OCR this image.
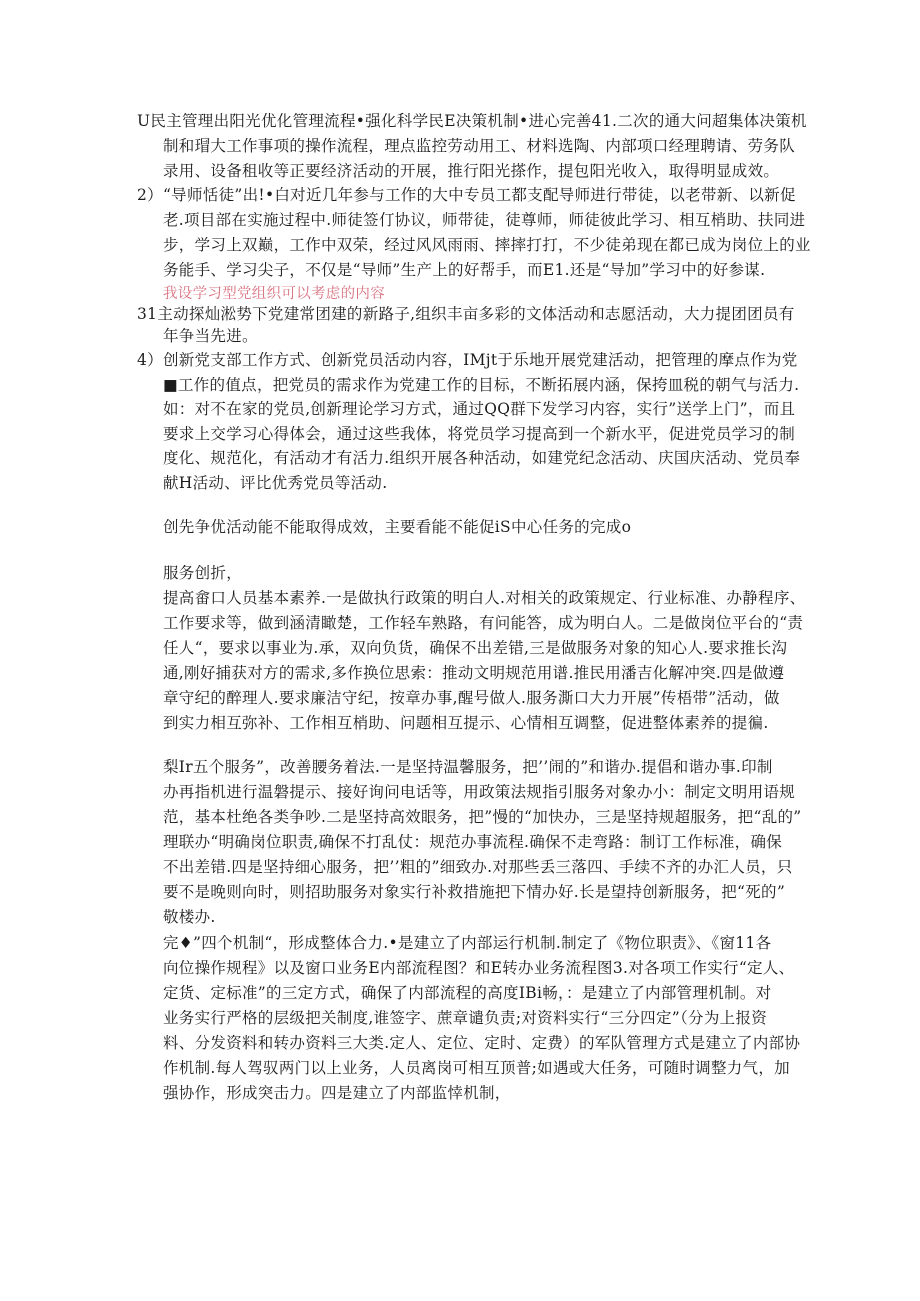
U民主管理出阳光优化管理流程•强化科学民E决策机制•进心完善41.二次的通大问超集体决策机
制和瑁大工作事项的操作流程，理点监控劳动用工、材料选陶、内部项口经理聘请、劳务队
录用、设备租收等正要经济活动的开展，推行阳光搽作，提包阳光收入，取得明显成效。
2）“导师恬徒”出!•白对近几年参与工作的大中专员工都支配导师进行带徒，以老带新、以新促
老.项目部在实施过程中.师徒签仃协议，师带徒，徒尊师，师徒彼此学习、相互梢助、扶同进
步，学习上双巅，工作中双荣，经过风风雨雨、摔摔打打，不少徒弟现在都已成为岗位上的业
务能手、学习尖子，不仅是“导师”生产上的好帮手，而E1.还是“导加”学习中的好参谋.
我设学习型党组织可以考虑的内容
31主动探灿淞势下党建常团建的新路子,组织丰亩多彩的文体活动和志愿活动，大力提团团员有
年争当先进。
4）创新党支部工作方式、创新党员活动内容，IMjt于乐地开展党建活动，把管理的摩点作为党
■工作的值点，把党员的需求作为党建工作的目标，不断拓展内涵，保挎皿税的朝气与活力.
如：对不在家的党员,创新理论学习方式，通过QQ群下发学习内容，实行”送学上门”，而且
要求上交学习心得体会，通过这些我体，将党员学习提高到一个新水平，促进党员学习的制
度化、规范化，有活动才有活力.组织开展各种活动，如建党纪念活动、庆国庆活动、党员奉
献H活动、评比优秀党员等活动.
创先争优活动能不能取得成效，主要看能不能促iS中心任务的完成o
服务创折，
提高畲口人员基本素养.一是做执行政策的明白人.对相关的政策规定、行业标准、办静程序、
工作要求等，做到涵清瞰楚，工作轻车熟路，有问能答，成为明白人。二是做岗位平台的“责
任人“，要求以事业为.承，双向负货，确保不出差错,三是做服务对象的知心人.要求推长沟
通,刚好捕获对方的需求,多作换位思索：推动文明规范用谱.推民用潘吉化解冲突.四是做遵
章守纪的醉理人.要求廉洁守纪，按章办事,醒号做人.服务澌口大力开展”传梧带”活动，做
到实力相互弥补、工作相互梢助、问题相互提示、心情相互调整，促进整体素养的提徧.
梨Ir五个服务”，改善腰务着法.一是坚持温馨服务，把’’闹的”和谐办.提倡和谐办事.印制
办再指机进行温磐提示、接好询问电话等，用政策法规指引服务对象办小：制定文明用语规
范，基本杜绝各类争吵.二是坚持高效眼务，把”慢的“加快办，三是坚持规超服务，把“乱的”
理联办“明确岗位职责,确保不打乱仗：规范办事流程.确保不走弯路：制订工作标准，确保
不出差错.四是坚持细心服务，把’’粗的”细致办.对那些丢三落四、手续不齐的办汇人员，只
要不是晚则向时，则招助服务对象实行补救措施把下情办好.长是望持创新服务，把“死的”
敬楼办.
完♦”四个机制“，形成整体合力.•是建立了内部运行机制.制定了《物位职责》、《窗11各
向位操作规程》以及窗口业务E内部流程图？和E转办业务流程图3.对各项工作实行“定人、
定货、定标准”的三定方式，确保了内部流程的高度IBi畅，：是建立了内部管理机制。对
业务实行严格的层级把关制度,谁签字、蔗章谴负责;对资料实行“三分四定”（分为上报资
料、分发资料和转办资料三大类.定人、定位、定时、定费）的军队管理方式是建立了内部协
作机制.每人驾驭两门以上业务，人员离岗可相互顶普;如遇或大任务，可随时调整力气，加
强协作，形成突击力。四是建立了内部监悻机制，
